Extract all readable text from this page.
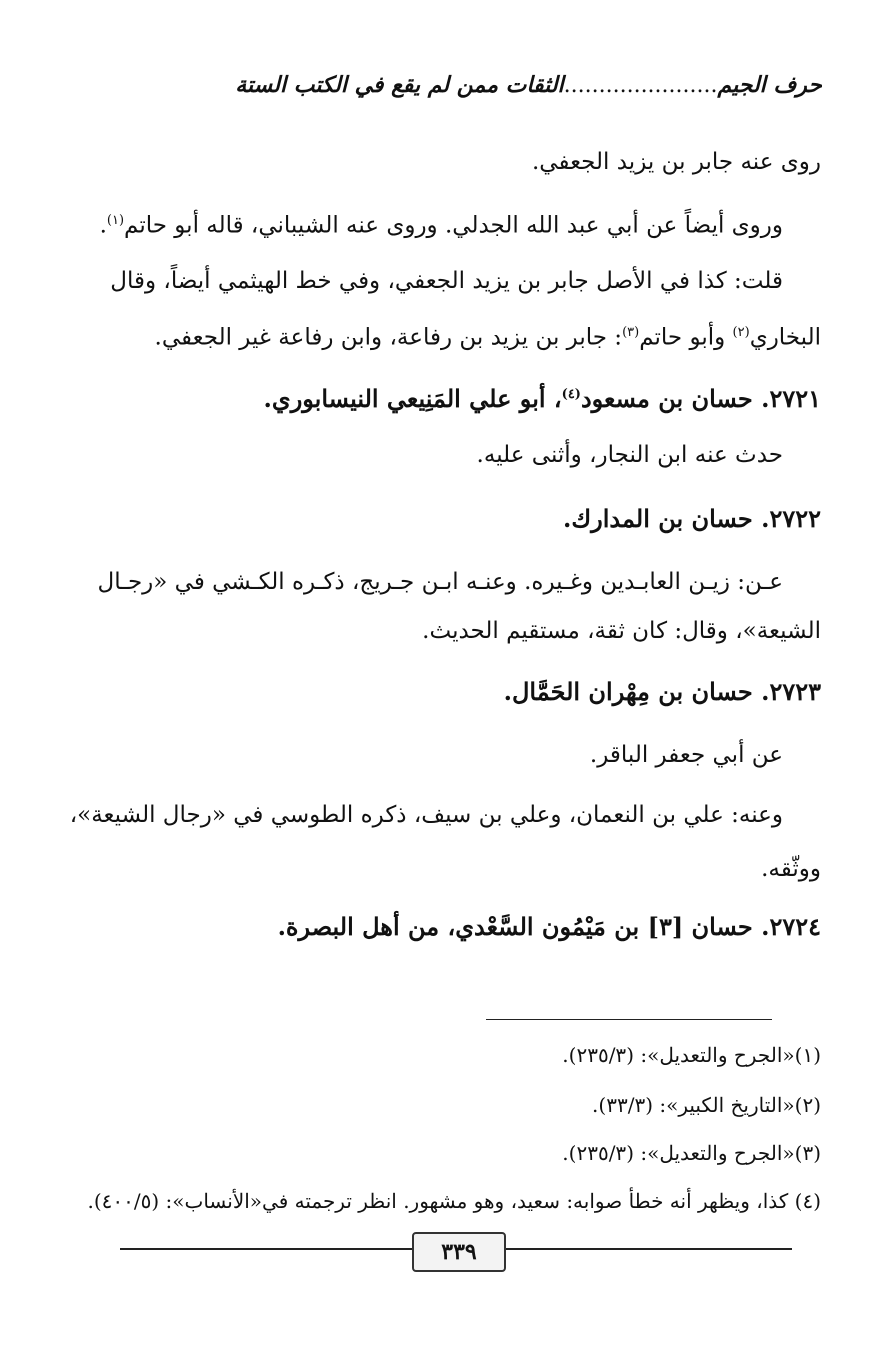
حرف الجيم......................الثقات ممن لم يقع في الكتب الستة
روى عنه جابر بن يزيد الجعفي.
وروى أيضاً عن أبي عبد الله الجدلي. وروى عنه الشيباني، قاله أبو حاتم$^{(١)}$.
قلت: كذا في الأصل جابر بن يزيد الجعفي، وفي خط الهيثمي أيضاً، وقال
البخاري$^{(٢)}$ وأبو حاتم$^{(٣)}$: جابر بن يزيد بن رفاعة، وابن رفاعة غير الجعفي.
٢٧٢١. حسان بن مسعود$^{(٤)}$، أبو علي المَنِيعي النيسابوري.
حدث عنه ابن النجار، وأثنى عليه.
٢٧٢٢. حسان بن المدارك.
عـن: زيـن العابـدين وغـيره. وعنـه ابـن جـريج، ذكـره الكـشي في «رجـال
الشيعة»، وقال: كان ثقة، مستقيم الحديث.
٢٧٢٣. حسان بن مِهْران الحَمَّال.
عن أبي جعفر الباقر.
وعنه: علي بن النعمان، وعلي بن سيف، ذكره الطوسي في «رجال الشيعة»،
ووثّقه.
٢٧٢٤. حسان [٣] بن مَيْمُون السَّعْدي، من أهل البصرة.
(١)«الجرح والتعديل»: (٢٣٥/٣).
(٢)«التاريخ الكبير»: (٣٣/٣).
(٣)«الجرح والتعديل»: (٢٣٥/٣).
(٤) كذا، ويظهر أنه خطأ صوابه: سعيد، وهو مشهور. انظر ترجمته في«الأنساب»: (٤٠٠/٥).
٣٣٩
